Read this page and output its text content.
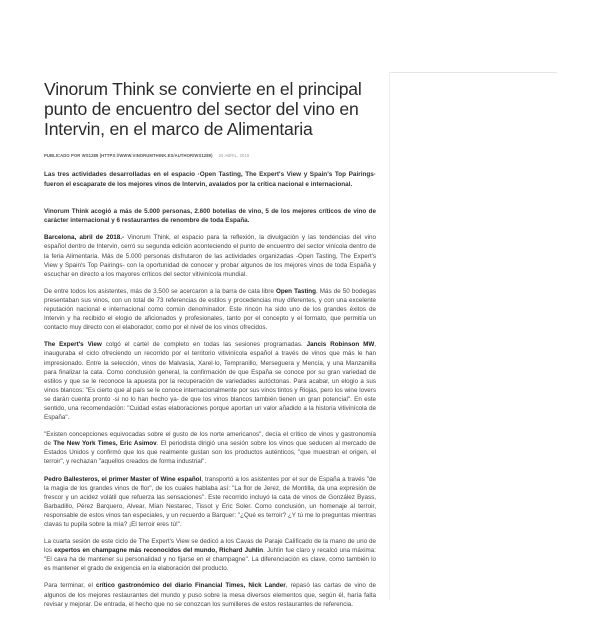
Vinorum Think se convierte en el principal punto de encuentro del sector del vino en Intervin, en el marco de Alimentaria
PUBLICADO POR WS1289 (HTTPS://WWW.VINORUMTHINK.ES/AUTHOR/WS1289) 26 ABRIL, 2018

Las tres actividades desarrolladas en el espacio ·Open Tasting, The Expert's View y Spain's Top Pairings· fueron el escaparate de los mejores vinos de Intervin, avalados por la crítica nacional e internacional.

Vinorum Think acogió a más de 5.000 personas, 2.600 botellas de vino, 5 de los mejores críticos de vino de carácter internacional y 6 restaurantes de renombre de toda España.

Barcelona, abril de 2018.- Vinorum Think, el espacio para la reflexión, la divulgación y las tendencias del vino español dentro de Intervin, cerró su segunda edición aconteciendo el punto de encuentro del sector vinícola dentro de la feria Alimentaria. Más de 5.000 personas disfrutaron de las actividades organizadas -Open Tasting, The Expert's View y Spain's Top Pairings- con la oportunidad de conocer y probar algunos de los mejores vinos de toda España y escuchar en directo a los mayores críticos del sector vitivinícola mundial.

De entre todos los asistentes, más de 3.500 se acercaron a la barra de cata libre Open Tasting. Más de 50 bodegas presentaban sus vinos, con un total de 73 referencias de estilos y procedencias muy diferentes, y con una excelente reputación nacional e internacional como común denominador. Este rincón ha sido uno de los grandes éxitos de Intervin y ha recibido el elogio de aficionados y profesionales, tanto por el concepto y el formato, que permitía un contacto muy directo con el elaborador, como por el nivel de los vinos ofrecidos.

The Expert's View colgó el cartel de completo en todas las sesiones programadas. Jancis Robinson MW, inauguraba el ciclo ofreciendo un recorrido por el territorio vitivinícola español a través de vinos que más le han impresionado. Entre la selección, vinos de Malvasía, Xarel·lo, Tempranillo, Merseguera y Mencía, y una Manzanilla para finalizar la cata. Como conclusión general, la confirmación de que España se conoce por su gran variedad de estilos y que se le reconoce la apuesta por la recuperación de variedades autóctonas. Para acabar, un elogio a sus vinos blancos: "Es cierto que al país se le conoce internacionalmente por sus vinos tintos y Riojas, pero los wine lovers se darán cuenta pronto -si no lo han hecho ya- de que los vinos blancos también tienen un gran potencial". En este sentido, una recomendación: "Cuidad estas elaboraciones porque aportan un valor añadido a la historia vitivinícola de España".

"Existen concepciones equivocadas sobre el gusto de los norte americanos", decía el crítico de vinos y gastronomía de The New York Times, Eric Asimov. El periodista dirigió una sesión sobre los vinos que seducen al mercado de Estados Unidos y confirmó que los que realmente gustan son los productos auténticos, "que muestran el origen, el terroir", y rechazan "aquellos creados de forma industrial".

Pedro Ballesteros, el primer Master of Wine español, transportó a los asistentes por el sur de España a través "de la magia de los grandes vinos de flor", de los cuales hablaba así: "La flor de Jerez, de Montilla, da una expresión de frescor y un acidez volátil que refuerza las sensaciones". Este recorrido incluyó la cata de vinos de González Byass, Barbadillo, Pérez Barquero, Alvear, Mían Nestarec, Tissot y Eric Soler. Como conclusión, un homenaje al terroir, responsable de estos vinos tan especiales, y un recuerdo a Barquer: "¿Qué es terroir? ¿Y tú me lo preguntas mientras clavas tu pupila sobre la mía? ¡El terroir eres tú!".

La cuarta sesión de este ciclo de The Expert's View se dedicó a los Cavas de Paraje Calificado de la mano de uno de los expertos en champagne más reconocidos del mundo, Richard Juhlin. Juhlin fue claro y recalcó una máxima: "El cava ha de mantener su personalidad y no fijarse en el champagne". La diferenciación es clave, como también lo es mantener el grado de exigencia en la elaboración del producto.

Para terminar, el crítico gastronómico del diario Financial Times, Nick Lander, repasó las cartas de vino de algunos de los mejores restaurantes del mundo y puso sobre la mesa diversos elementos que, según él, haría falta revisar y mejorar. De entrada, el hecho que no se conozcan los sumilleres de estos restaurantes de referencia.
